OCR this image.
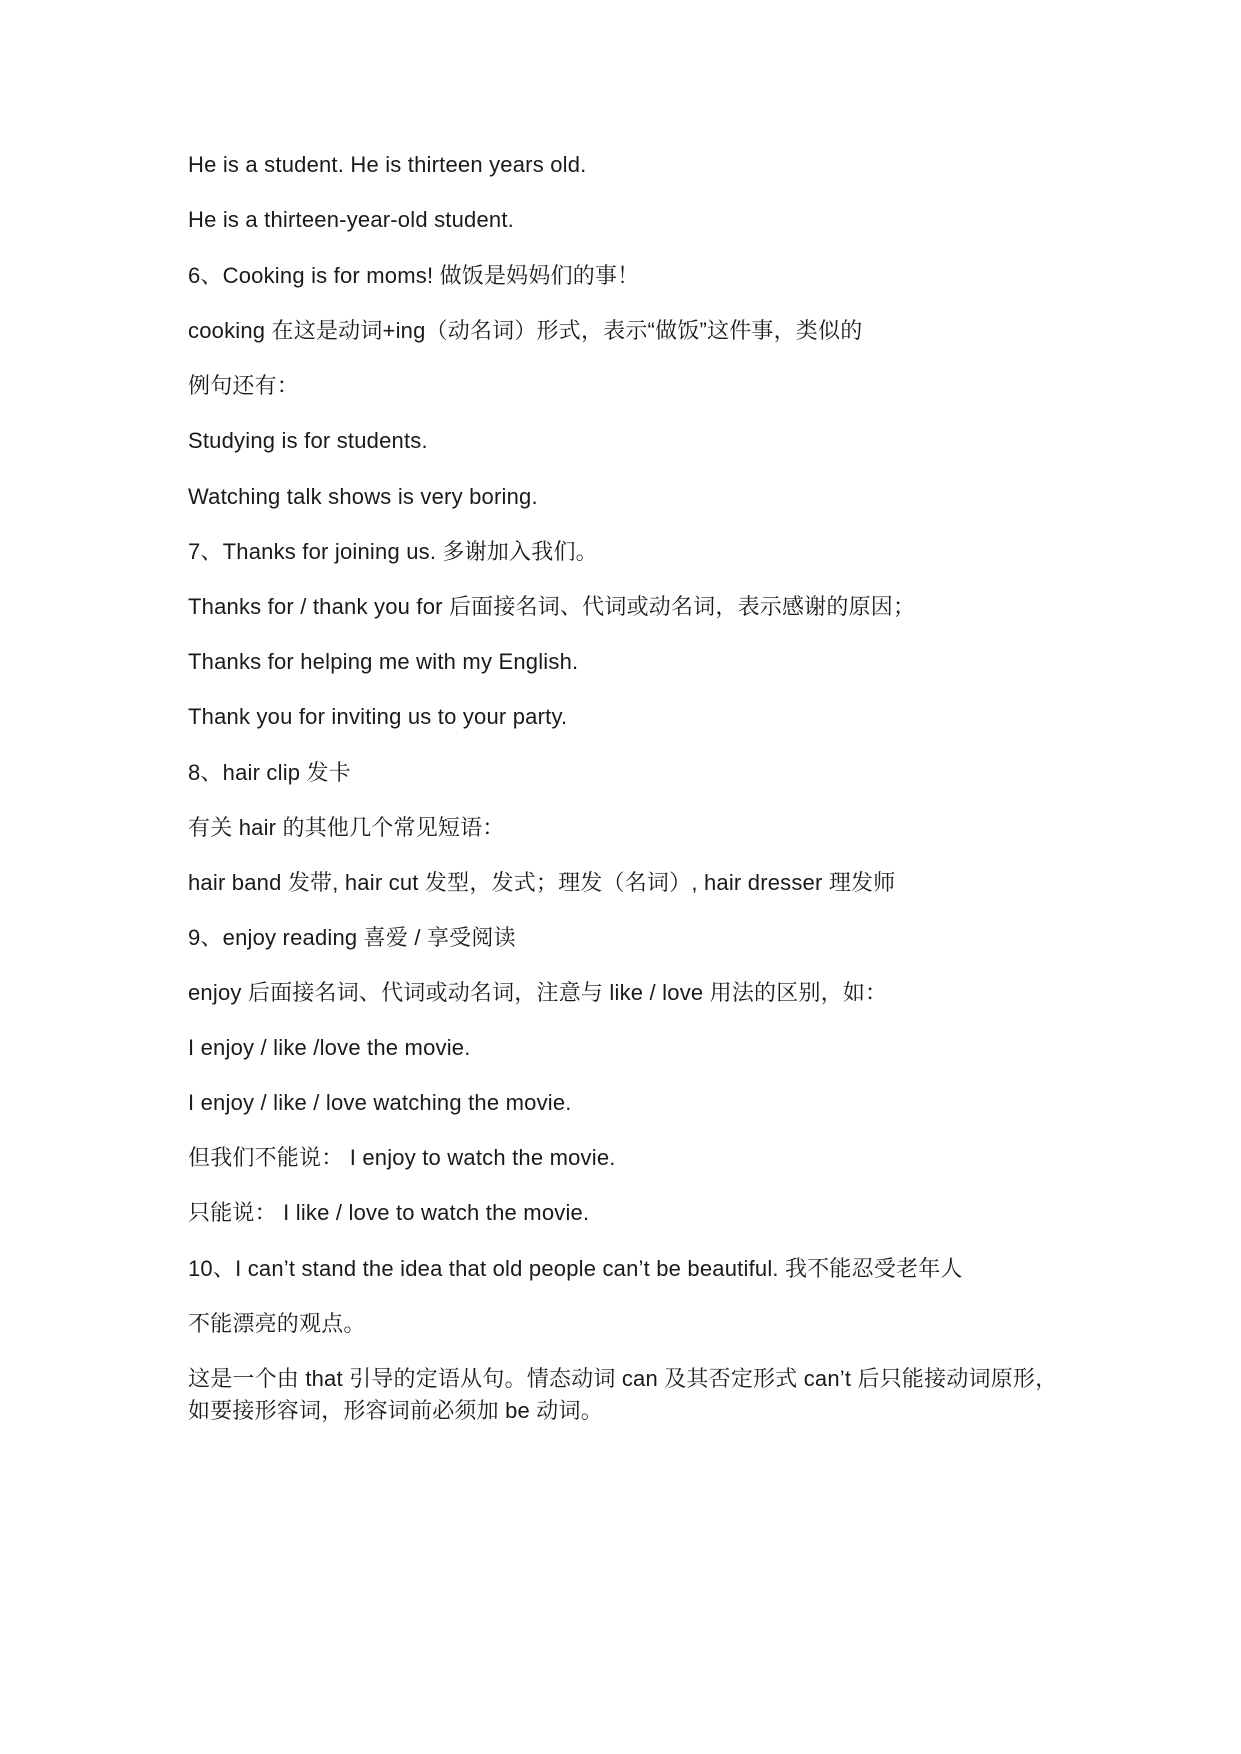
He is a student. He is thirteen years old.
He is a thirteen-year-old student.
6、Cooking is for moms! 做饭是妈妈们的事！
cooking 在这是动词+ing（动名词）形式，表示“做饭”这件事，类似的
例句还有：
Studying is for students.
Watching talk shows is very boring.
7、Thanks for joining us. 多谢加入我们。
Thanks for / thank you for 后面接名词、代词或动名词，表示感谢的原因；
Thanks for helping me with my English.
Thank you for inviting us to your party.
8、hair clip 发卡
有关 hair 的其他几个常见短语：
hair band 发带, hair cut 发型，发式；理发（名词）, hair dresser 理发师
9、enjoy reading 喜爱 / 享受阅读
enjoy 后面接名词、代词或动名词，注意与 like / love 用法的区别，如：
I enjoy / like /love the movie.
I enjoy / like / love watching the movie.
但我们不能说： I enjoy to watch the movie.
只能说： I like / love to watch the movie.
10、I can’t stand the idea that old people can’t be beautiful. 我不能忍受老年人
不能漂亮的观点。
这是一个由 that 引导的定语从句。情态动词 can 及其否定形式 can’t 后只能接动词原形，如要接形容词，形容词前必须加 be 动词。
